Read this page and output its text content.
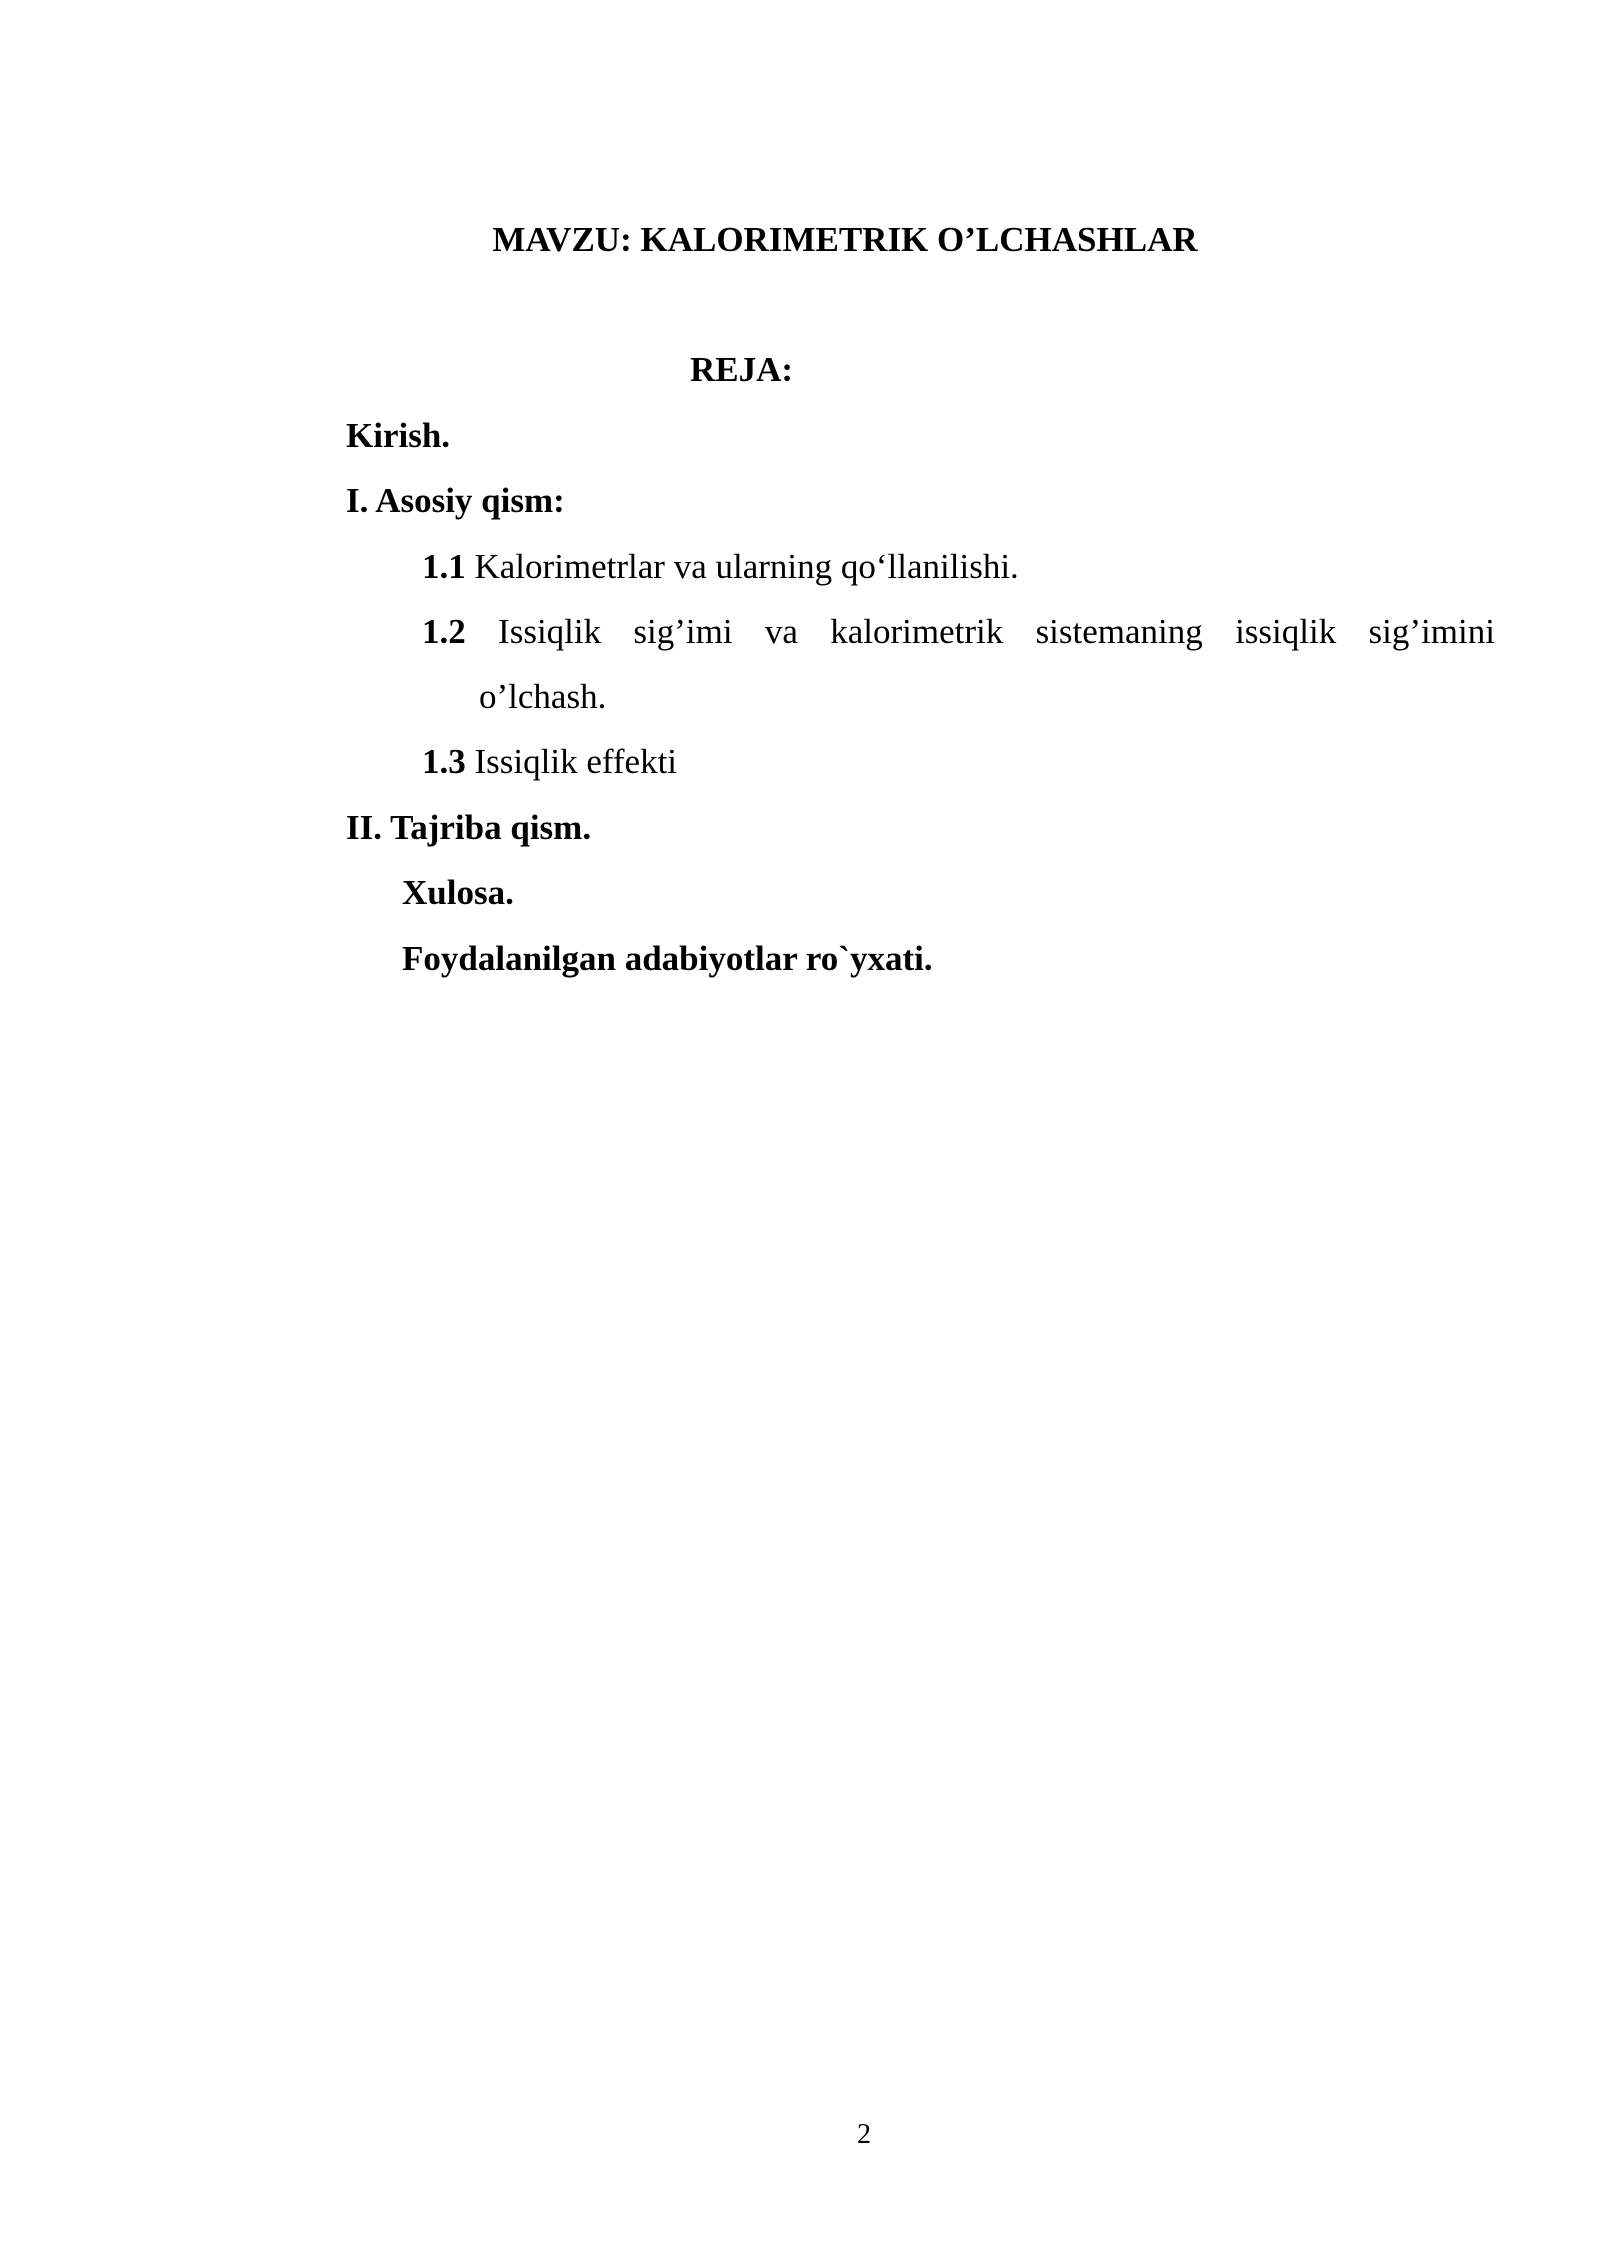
MAVZU: KALORIMETRIK O’LCHASHLAR
REJA:
Kirish.
I. Asosiy qism:
1.1 Kalorimetrlar va ularning qo‘llanilishi.
1.2 Issiqlik sig’imi va kalorimetrik sistemaning issiqlik sig’imini
o’lchash.
1.3 Issiqlik effekti
II. Tajriba qism.
Xulosa.
Foydalanilgan adabiyotlar ro`yxati.
2
